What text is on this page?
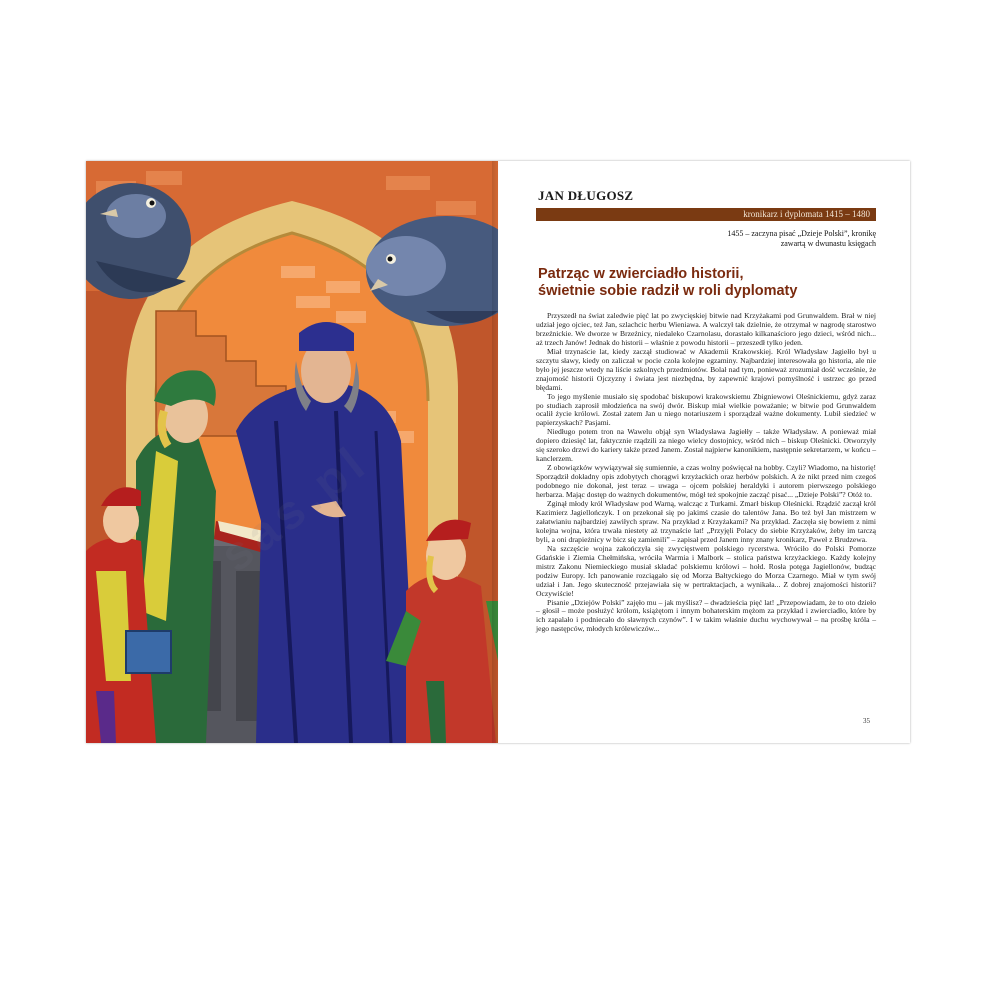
JAN DŁUGOSZ
kronikarz i dyplomata 1415 – 1480
1455 – zaczyna pisać „Dzieje Polski”, kronikę
zawartą w dwunastu księgach
Patrząc w zwierciadło historii,
świetnie sobie radził w roli dyplomaty

Przyszedł na świat zaledwie pięć lat po zwycięskiej bitwie nad Krzyżakami pod Grunwaldem. Brał w niej udział jego ojciec, też Jan, szlachcic herbu Wieniawa. A walczył tak dzielnie, że otrzymał w nagrodę starostwo brzeźnickie. We dworze w Brzeźnicy, niedaleko Czarnolasu, dorastało kilkanaścioro jego dzieci, wśród nich... aż trzech Janów! Jednak do historii – właśnie z powodu historii – przeszedł tylko jeden.

Miał trzynaście lat, kiedy zaczął studiować w Akademii Krakowskiej. Król Władysław Jagiełło był u szczytu sławy, kiedy on zaliczał w pocie czoła kolejne egzaminy. Najbardziej interesowała go historia, ale nie było jej jeszcze wtedy na liście szkolnych przedmiotów. Bolał nad tym, ponieważ zrozumiał dość wcześnie, że znajomość historii Ojczyzny i świata jest niezbędna, by zapewnić krajowi pomyślność i ustrzec go przed błędami.

To jego myślenie musiało się spodobać biskupowi krakowskiemu Zbigniewowi Oleśnickiemu, gdyż zaraz po studiach zaprosił młodzieńca na swój dwór. Biskup miał wielkie poważanie; w bitwie pod Grunwaldem ocalił życie królowi. Został zatem Jan u niego notariuszem i sporządzał ważne dokumenty. Lubił siedzieć w papierzyskach? Pasjami.

Niedługo potem tron na Wawelu objął syn Władysława Jagiełły – także Władysław. A ponieważ miał dopiero dziesięć lat, faktycznie rządzili za niego wielcy dostojnicy, wśród nich – biskup Oleśnicki. Otworzyły się szeroko drzwi do kariery także przed Janem. Został najpierw kanonikiem, następnie sekretarzem, w końcu – kanclerzem.

Z obowiązków wywiązywał się sumiennie, a czas wolny poświęcał na hobby. Czyli? Wiadomo, na historię! Sporządził dokładny opis zdobytych chorągwi krzyżackich oraz herbów polskich. A że nikt przed nim czegoś podobnego nie dokonał, jest teraz – uwaga – ojcem polskiej heraldyki i autorem pierwszego polskiego herbarza. Mając dostęp do ważnych dokumentów, mógł też spokojnie zacząć pisać... „Dzieje Polski”? Otóż to.

Zginął młody król Władysław pod Warną, walcząc z Turkami. Zmarł biskup Oleśnicki. Rządzić zaczął król Kazimierz Jagiellończyk. I on przekonał się po jakimś czasie do talentów Jana. Bo też był Jan mistrzem w załatwianiu najbardziej zawiłych spraw. Na przykład z Krzyżakami? Na przykład. Zaczęła się bowiem z nimi kolejna wojna, która trwała niestety aż trzynaście lat! „Przyjęli Polacy do siebie Krzyżaków, żeby im tarczą byli, a oni drapieżnicy w bicz się zamienili” – zapisał przed Janem inny znany kronikarz, Paweł z Brudzewa.

Na szczęście wojna zakończyła się zwycięstwem polskiego rycerstwa. Wróciło do Polski Pomorze Gdańskie i Ziemia Chełmińska, wróciła Warmia i Malbork – stolica państwa krzyżackiego. Każdy kolejny mistrz Zakonu Niemieckiego musiał składać polskiemu królowi – hołd. Rosła potęga Jagiellonów, budząc podziw Europy. Ich panowanie rozciągało się od Morza Bałtyckiego do Morza Czarnego. Miał w tym swój udział i Jan. Jego skuteczność przejawiała się w pertraktacjach, a wynikała... Z dobrej znajomości historii? Oczywiście!

Pisanie „Dziejów Polski” zajęło mu – jak myślisz? – dwadzieścia pięć lat! „Przepowiadam, że to oto dzieło – głosił – może posłużyć królom, książętom i innym bohaterskim mężom za przykład i zwierciadło, które by ich zapalało i podniecało do sławnych czynów”. I w takim właśnie duchu wychowywał – na prośbę króla – jego następców, młodych królewiczów...

35
